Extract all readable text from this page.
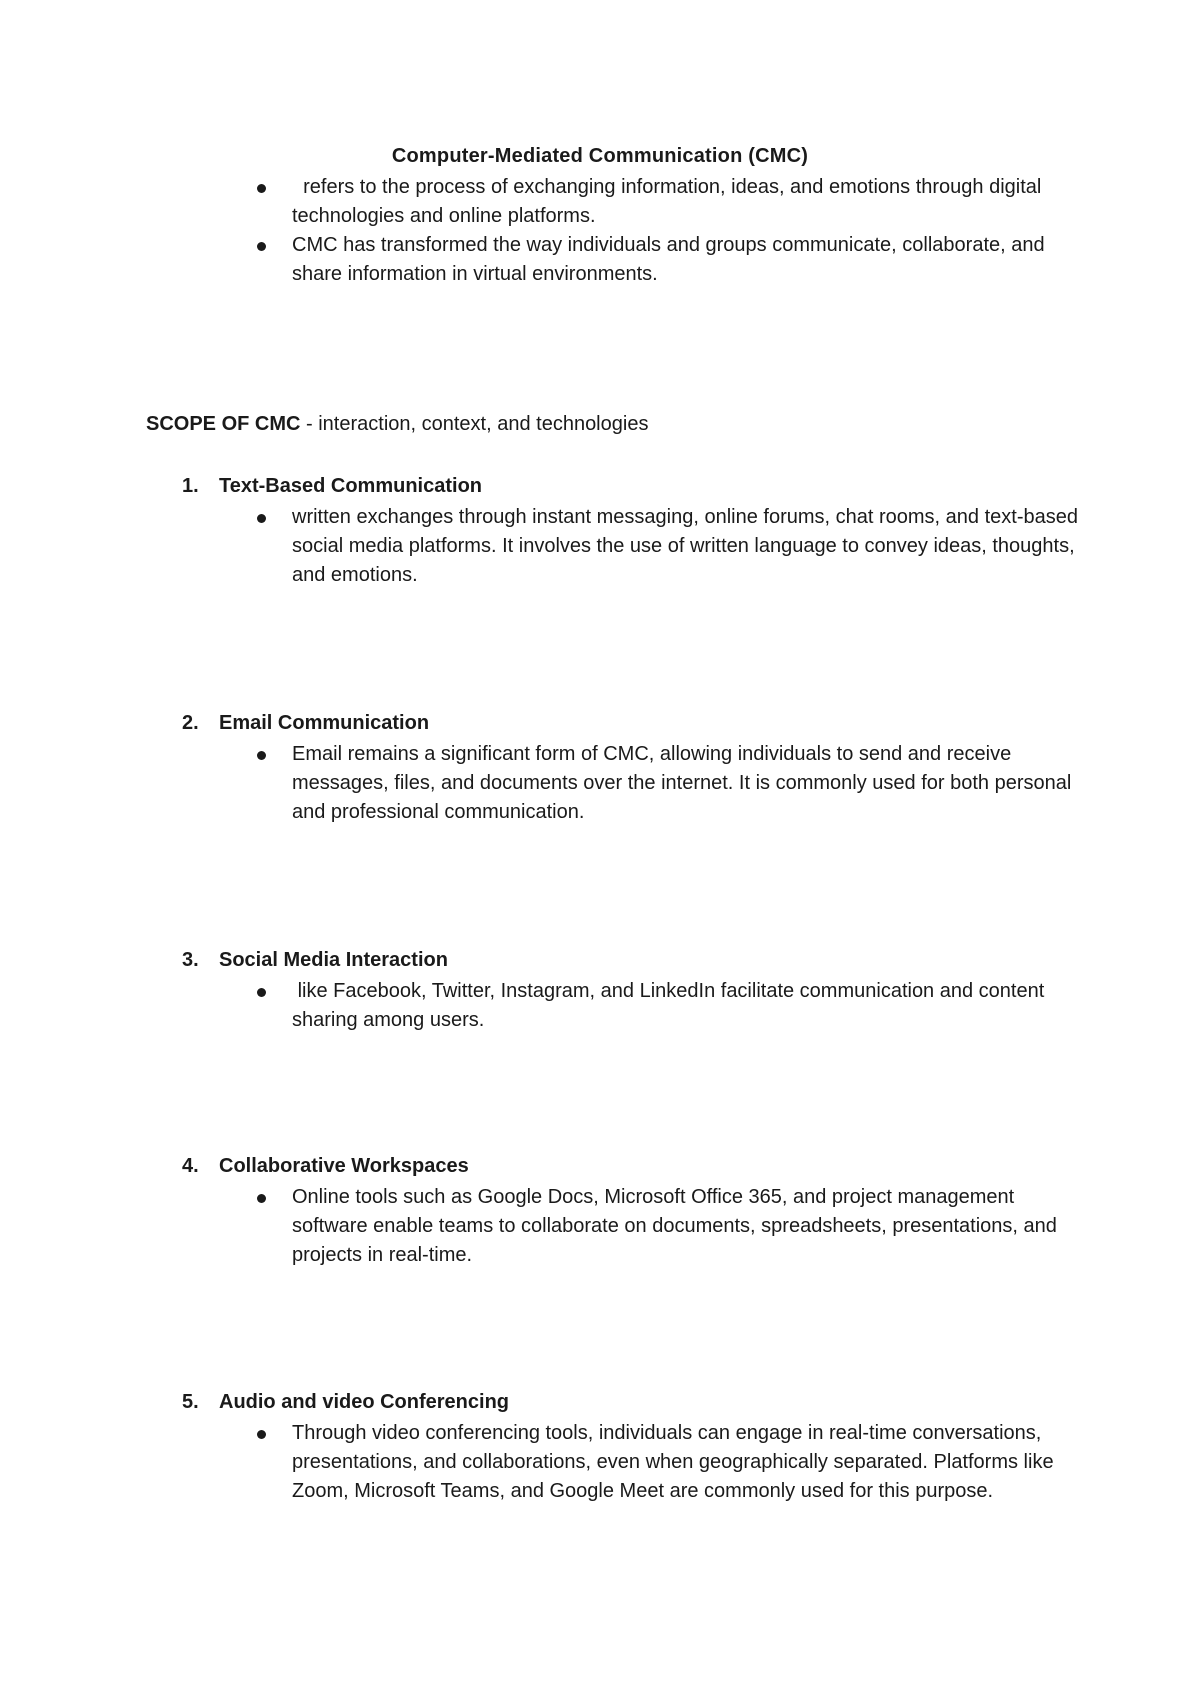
Computer-Mediated Communication (CMC)
refers to the process of exchanging information, ideas, and emotions through digital technologies and online platforms.
CMC has transformed the way individuals and groups communicate, collaborate, and share information in virtual environments.
SCOPE OF CMC - interaction, context, and technologies
1. Text-Based Communication
written exchanges through instant messaging, online forums, chat rooms, and text-based social media platforms. It involves the use of written language to convey ideas, thoughts, and emotions.
2. Email Communication
Email remains a significant form of CMC, allowing individuals to send and receive messages, files, and documents over the internet. It is commonly used for both personal and professional communication.
3. Social Media Interaction
like Facebook, Twitter, Instagram, and LinkedIn facilitate communication and content sharing among users.
4. Collaborative Workspaces
Online tools such as Google Docs, Microsoft Office 365, and project management software enable teams to collaborate on documents, spreadsheets, presentations, and projects in real-time.
5. Audio and video Conferencing
Through video conferencing tools, individuals can engage in real-time conversations, presentations, and collaborations, even when geographically separated. Platforms like Zoom, Microsoft Teams, and Google Meet are commonly used for this purpose.
